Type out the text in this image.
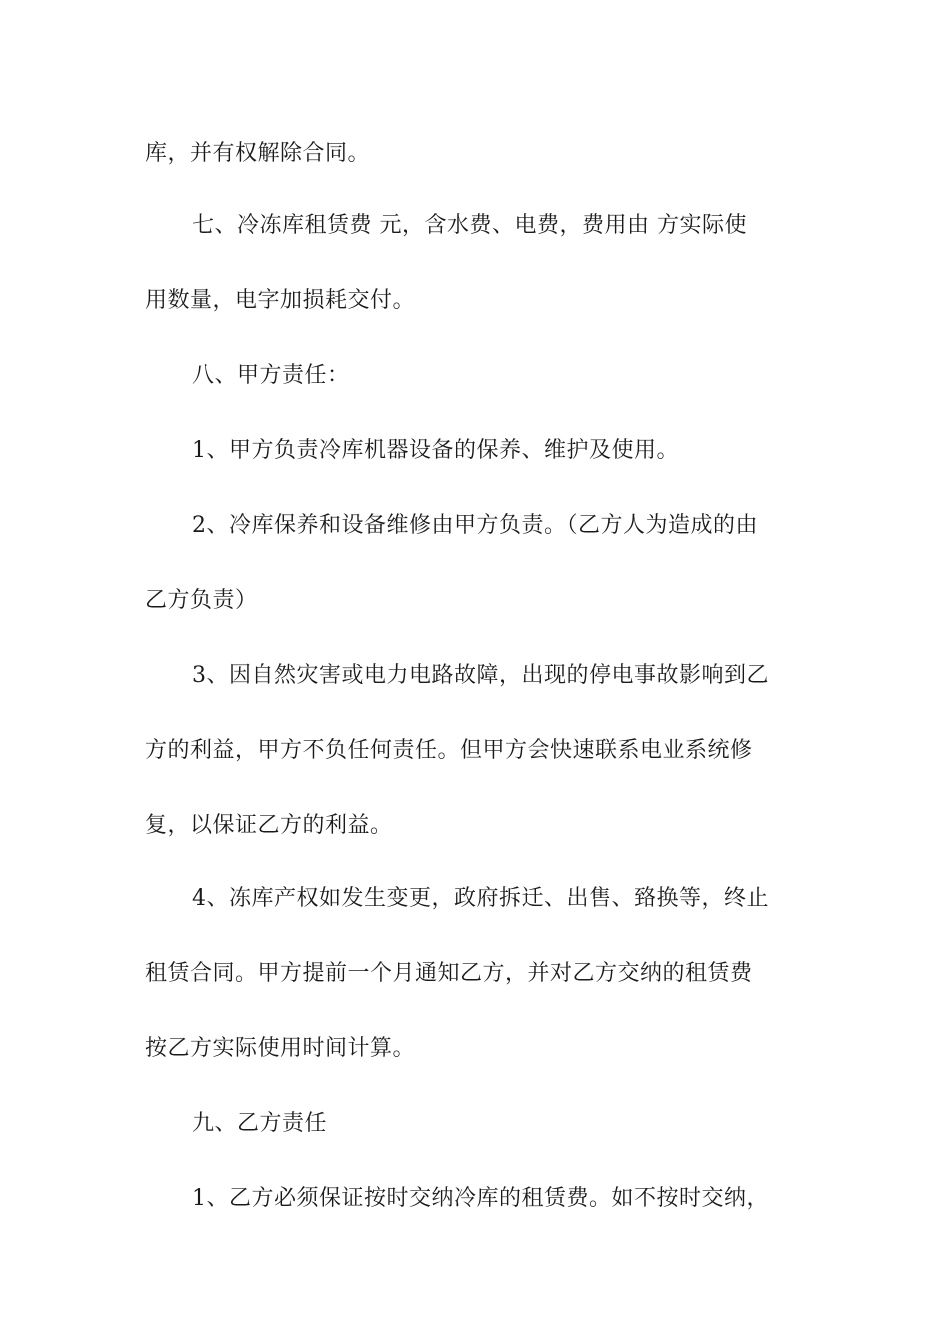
库，并有权解除合同。
七、冷冻库租赁费 元，含水费、电费，费用由 方实际使
用数量，电字加损耗交付。
八、甲方责任：
1、甲方负责冷库机器设备的保养、维护及使用。
2、冷库保养和设备维修由甲方负责。（乙方人为造成的由
乙方负责）
3、因自然灾害或电力电路故障，出现的停电事故影响到乙
方的利益，甲方不负任何责任。但甲方会快速联系电业系统修
复，以保证乙方的利益。
4、冻库产权如发生变更，政府拆迁、出售、臵换等，终止
租赁合同。甲方提前一个月通知乙方，并对乙方交纳的租赁费
按乙方实际使用时间计算。
九、乙方责任
1、乙方必须保证按时交纳冷库的租赁费。如不按时交纳，
